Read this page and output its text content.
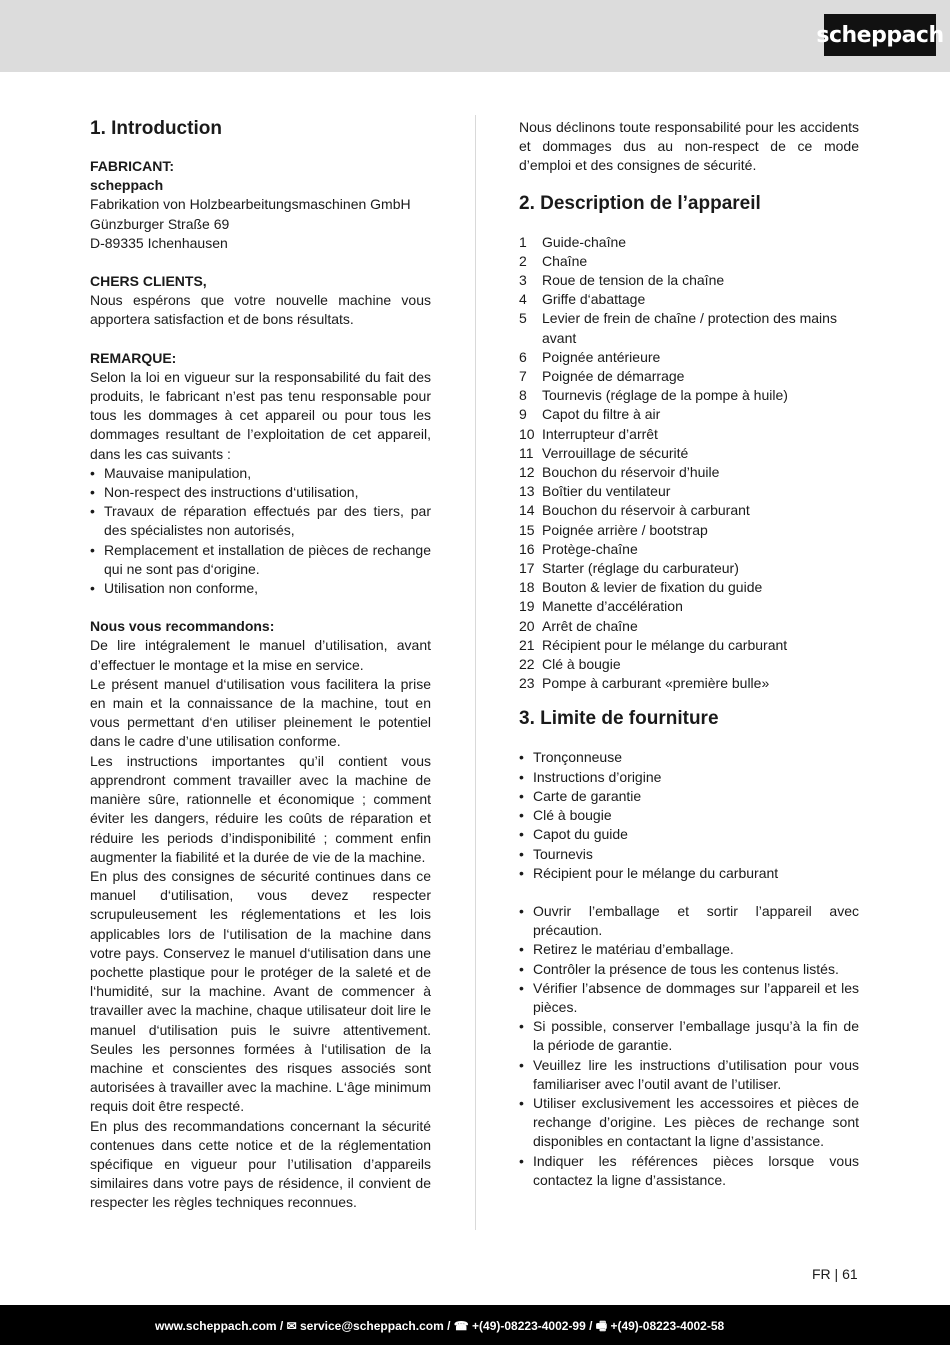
scheppach
1. Introduction
FABRICANT:
scheppach
Fabrikation von Holzbearbeitungsmaschinen GmbH
Günzburger Straße 69
D-89335 Ichenhausen
CHERS CLIENTS,

Nous espérons que votre nouvelle machine vous apportera satisfaction et de bons résultats.

REMARQUE:

Selon la loi en vigueur sur la responsabilité du fait des produits, le fabricant n’est pas tenu responsable pour tous les dommages à cet appareil ou pour tous les dommages resultant de l’exploitation de cet appareil, dans les cas suivants :

• Mauvaise manipulation,
• Non-respect des instructions d‘utilisation,
• Travaux de réparation effectués par des tiers, par des spécialistes non autorisés,
• Remplacement et installation de pièces de rechange qui ne sont pas d‘origine.
• Utilisation non conforme,
Nous vous recommandons:

De lire intégralement le manuel d’utilisation, avant d’effectuer le montage et la mise en service.

Le présent manuel d‘utilisation vous facilitera la prise en main et la connaissance de la machine, tout en vous permettant d‘en utiliser pleinement le potentiel dans le cadre d’une utilisation conforme.

Les instructions importantes qu’il contient vous apprendront comment travailler avec la machine de manière sûre, rationnelle et économique ; comment éviter les dangers, réduire les coûts de réparation et réduire les periods d’indisponibilité ; comment enfin augmenter la fiabilité et la durée de vie de la machine.

En plus des consignes de sécurité continues dans ce manuel d‘utilisation, vous devez respecter scrupuleusement les réglementations et les lois applicables lors de l‘utilisation de la machine dans votre pays. Conservez le manuel d‘utilisation dans une pochette plastique pour le protéger de la saleté et de l‘humidité, sur la machine. Avant de commencer à travailler avec la machine, chaque utilisateur doit lire le manuel d‘utilisation puis le suivre attentivement. Seules les personnes formées à l‘utilisation de la machine et conscientes des risques associés sont autorisées à travailler avec la machine. L‘âge minimum requis doit être respecté.

En plus des recommandations concernant la sécurité contenues dans cette notice et de la réglementation spécifique en vigueur pour l’utilisation d’appareils similaires dans votre pays de résidence, il convient de respecter les règles techniques reconnues.

Nous déclinons toute responsabilité pour les accidents et dommages dus au non-respect de ce mode d’emploi et des consignes de sécurité.

2. Description de l’appareil
1	Guide-chaîne
2	Chaîne
3	Roue de tension de la chaîne
4	Griffe d‘abattage
5	Levier de frein de chaîne / protection des mains avant
6	Poignée antérieure
7	Poignée de démarrage
8	Tournevis (réglage de la pompe à huile)
9	Capot du filtre à air
10 Interrupteur d’arrêt
11 Verrouillage de sécurité
12 Bouchon du réservoir d’huile
13 Boîtier du ventilateur
14 Bouchon du réservoir à carburant
15 Poignée arrière / bootstrap
16 Protège-chaîne
17 Starter (réglage du carburateur)
18 Bouton & levier de fixation du guide
19 Manette d’accélération
20 Arrêt de chaîne
21 Récipient pour le mélange du carburant
22 Clé à bougie
23 Pompe à carburant «première bulle»
3. Limite de fourniture
• Tronçonneuse
• Instructions d’origine
• Carte de garantie
• Clé à bougie
• Capot du guide
• Tournevis
• Récipient pour le mélange du carburant
• Ouvrir l’emballage et sortir l’appareil avec précaution.
• Retirez le matériau d’emballage.
• Contrôler la présence de tous les contenus listés.
• Vérifier l’absence de dommages sur l’appareil et les pièces.
• Si possible, conserver l’emballage jusqu’à la fin de la période de garantie.
• Veuillez lire les instructions d’utilisation pour vous familiariser avec l’outil avant de l’utiliser.
• Utiliser exclusivement les accessoires et pièces de rechange d’origine. Les pièces de rechange sont disponibles en contactant la ligne d’assistance.
• Indiquer les références pièces lorsque vous contactez la ligne d’assistance.
FR | 61
www.scheppach.com / ✉ service@scheppach.com / ☎ +(49)-08223-4002-99 / 🖷 +(49)-08223-4002-58
